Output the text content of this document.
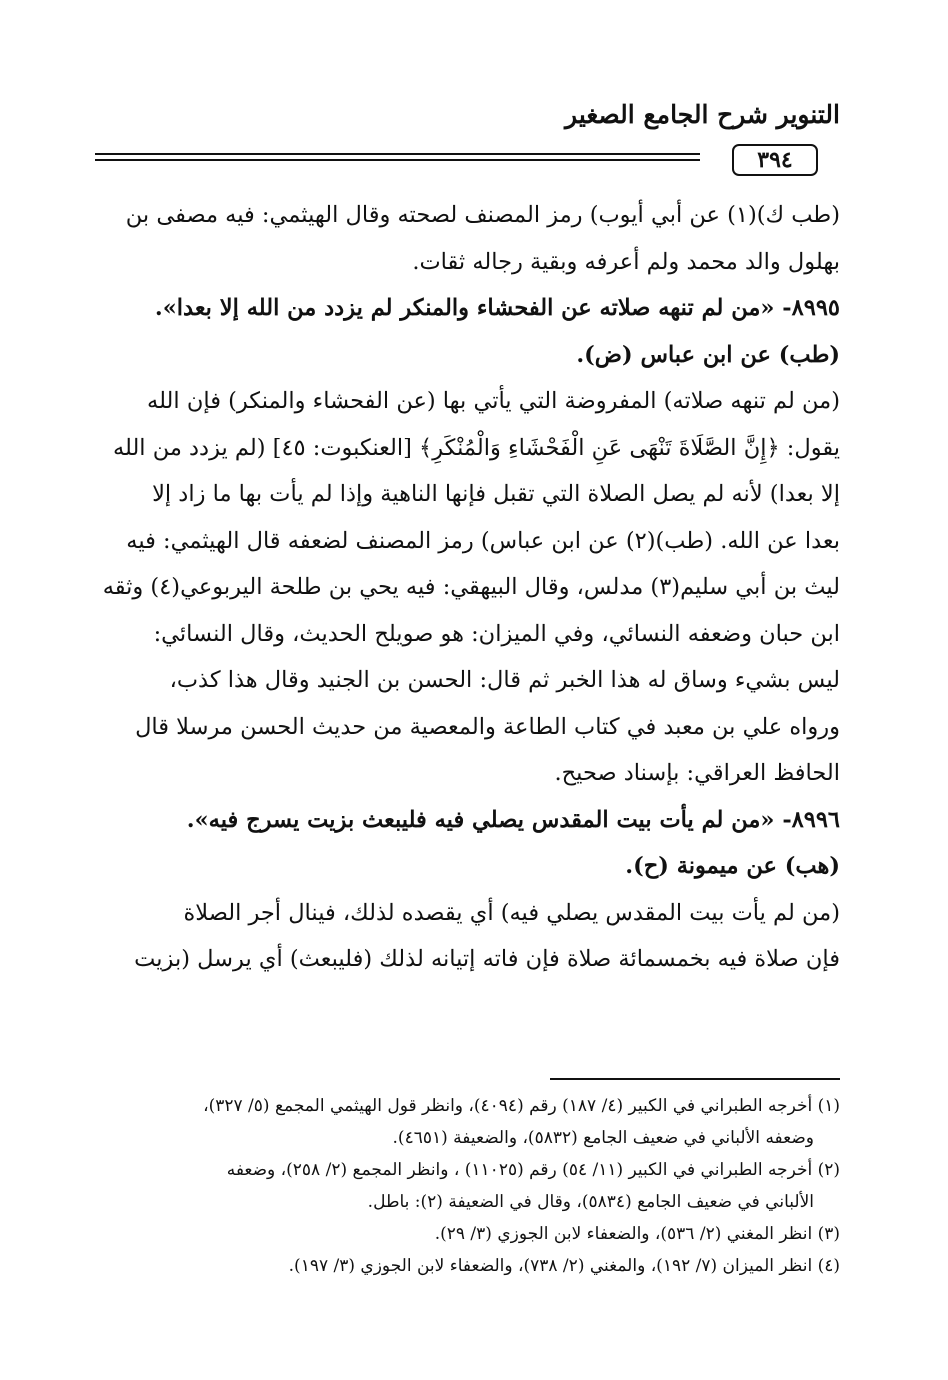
التنوير شرح الجامع الصغير
٣٩٤

(طب ك)(١) عن أبي أيوب) رمز المصنف لصحته وقال الهيثمي: فيه مصفى بن

بهلول والد محمد ولم أعرفه وبقية رجاله ثقات.

٨٩٩٥- «من لم تنهه صلاته عن الفحشاء والمنكر لم يزدد من الله إلا بعدا».

(طب) عن ابن عباس (ض).

(من لم تنهه صلاته) المفروضة التي يأتي بها (عن الفحشاء والمنكر) فإن الله

يقول: ﴿إِنَّ الصَّلَاةَ تَنْهَى عَنِ الْفَحْشَاءِ وَالْمُنْكَرِ﴾ [العنكبوت: ٤٥] (لم يزدد من الله

إلا بعدا) لأنه لم يصل الصلاة التي تقبل فإنها الناهية وإذا لم يأت بها ما زاد إلا

بعدا عن الله. (طب)(٢) عن ابن عباس) رمز المصنف لضعفه قال الهيثمي: فيه

ليث بن أبي سليم(٣) مدلس، وقال البيهقي: فيه يحي بن طلحة اليربوعي(٤) وثقه

ابن حبان وضعفه النسائي، وفي الميزان: هو صويلح الحديث، وقال النسائي:

ليس بشيء وساق له هذا الخبر ثم قال: الحسن بن الجنيد وقال هذا كذب،

ورواه علي بن معبد في كتاب الطاعة والمعصية من حديث الحسن مرسلا قال

الحافظ العراقي: بإسناد صحيح.

٨٩٩٦- «من لم يأت بيت المقدس يصلي فيه فليبعث بزيت يسرج فيه».

(هب) عن ميمونة (ح).

(من لم يأت بيت المقدس يصلي فيه) أي يقصده لذلك، فينال أجر الصلاة

فإن صلاة فيه بخمسمائة صلاة فإن فاته إتيانه لذلك (فليبعث) أي يرسل (بزيت

(١) أخرجه الطبراني في الكبير (٤/ ١٨٧) رقم (٤٠٩٤)، وانظر قول الهيثمي المجمع (٥/ ٣٢٧)،

وضعفه الألباني في ضعيف الجامع (٥٨٣٢)، والضعيفة (٤٦٥١).

(٢) أخرجه الطبراني في الكبير (١١/ ٥٤) رقم (١١٠٢٥) ، وانظر المجمع (٢/ ٢٥٨)، وضعفه

الألباني في ضعيف الجامع (٥٨٣٤)، وقال في الضعيفة (٢): باطل.

(٣) انظر المغني (٢/ ٥٣٦)، والضعفاء لابن الجوزي (٣/ ٢٩).

(٤) انظر الميزان (٧/ ١٩٢)، والمغني (٢/ ٧٣٨)، والضعفاء لابن الجوزي (٣/ ١٩٧).
